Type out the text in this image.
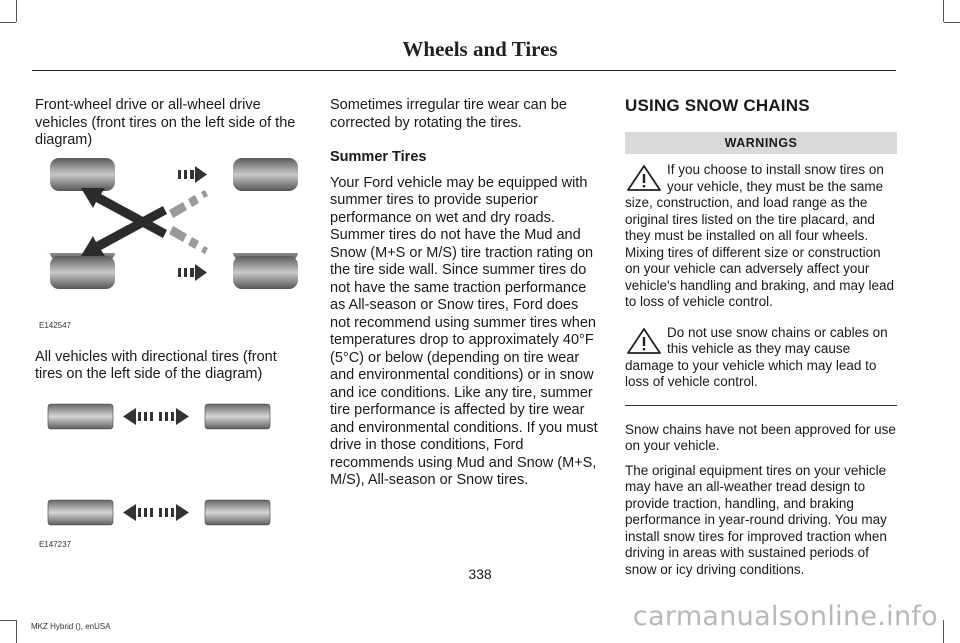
Wheels and Tires

Front-wheel drive or all-wheel drive vehicles (front tires on the left side of the diagram)

E142547

All vehicles with directional tires (front tires on the left side of the diagram)

E147237

Sometimes irregular tire wear can be corrected by rotating the tires.

Summer Tires

Your Ford vehicle may be equipped with summer tires to provide superior performance on wet and dry roads. Summer tires do not have the Mud and Snow (M+S or M/S) tire traction rating on the tire side wall. Since summer tires do not have the same traction performance as All-season or Snow tires, Ford does not recommend using summer tires when temperatures drop to approximately 40°F (5°C) or below (depending on tire wear and environmental conditions) or in snow and ice conditions. Like any tire, summer tire performance is affected by tire wear and environmental conditions. If you must drive in those conditions, Ford recommends using Mud and Snow (M+S, M/S), All-season or Snow tires.

USING SNOW CHAINS
WARNINGS
If you choose to install snow tires on your vehicle, they must be the same size, construction, and load range as the original tires listed on the tire placard, and they must be installed on all four wheels. Mixing tires of different size or construction on your vehicle can adversely affect your vehicle's handling and braking, and may lead to loss of vehicle control.
Do not use snow chains or cables on this vehicle as they may cause damage to your vehicle which may lead to loss of vehicle control.

Snow chains have not been approved for use on your vehicle.

The original equipment tires on your vehicle may have an all-weather tread design to provide traction, handling, and braking performance in year-round driving. You may install snow tires for improved traction when driving in areas with sustained periods of snow or icy driving conditions.

338
MKZ Hybrid (), enUSA	carmanualsonline.info
